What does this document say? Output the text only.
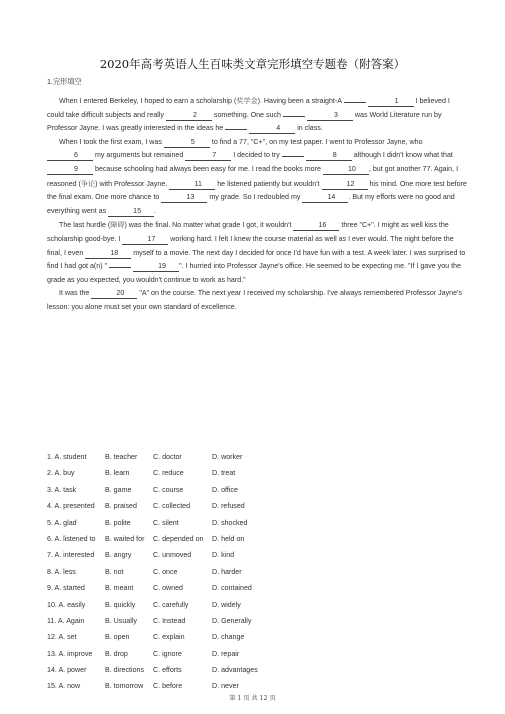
2020年高考英语人生百味类文章完形填空专题卷（附答案）
1.完形填空

When I entered Berkeley, I hoped to earn a scholarship (奖学金). Having been a straight-A	1 I believed I could take difficult subjects and really	2 something. One such	3 was World Literature run by Professor Jayne. I was greatly interested in the ideas he	4 in class.

When I took the first exam, I was	5 to find a 77, "C+", on my test paper. I went to Professor Jayne, who 6 my arguments but remained	7 I decided to try	8 although I didn't know what that 9 because schooling had always been easy for me. I read the books more	10 , but got another 77. Again, I reasoned (争论) with Professor Jayne.	11 he listened patiently but wouldn't	12 his mind. One more test before the final exam. One more chance to	13 my grade. So I redoubled my	14 . But my efforts were no good and everything went as	15 .

The last hurdle (障碍) was the final. No matter what grade I got, it wouldn't	16 three "C+". I might as well kiss the scholarship good-bye. I	17 working hard. I felt I knew the course material as well as I ever would. The night before the final, I even	18 myself to a movie. The next day I decided for once I'd have fun with a test. A week later. I was surprised to find I had got a(n) "	19 ". I hurried into Professor Jayne's office. He seemed to be expecting me. "If I gave you the grade as you expected, you wouldn't continue to work as hard."

It was the	20 "A" on the course. The next year I received my scholarship. I've always remembered Professor Jayne's lesson: you alone must set your own standard of excellence.

1. A. student	B. teacher	C. doctor	D. worker
2. A. buy	B. learn	C. reduce	D. treat
3. A. task	B. game	C. course	D. office
4. A. presented	B. praised	C. collected	D. refused
5. A. glad	B. polite	C. silent	D. shocked
6. A. listened to	B. waited for	C. depended on	D. held on
7. A. interested	B. angry	C. unmoved	D. kind
8. A. less	B. not	C. once	D. harder
9. A. started	B. meant	C. owned	D. contained
10. A. easily	B. quickly	C. carefully	D. widely
11. A. Again	B. Usually	C. Instead	D. Generally
12. A. set	B. open	C. explain	D. change
13. A. improve	B. drop	C. ignore	D. repair
14. A. power	B. directions	C. efforts	D. advantages
15. A. now	B. tomorrow	C. before	D. never
第 1 页 共 12 页
